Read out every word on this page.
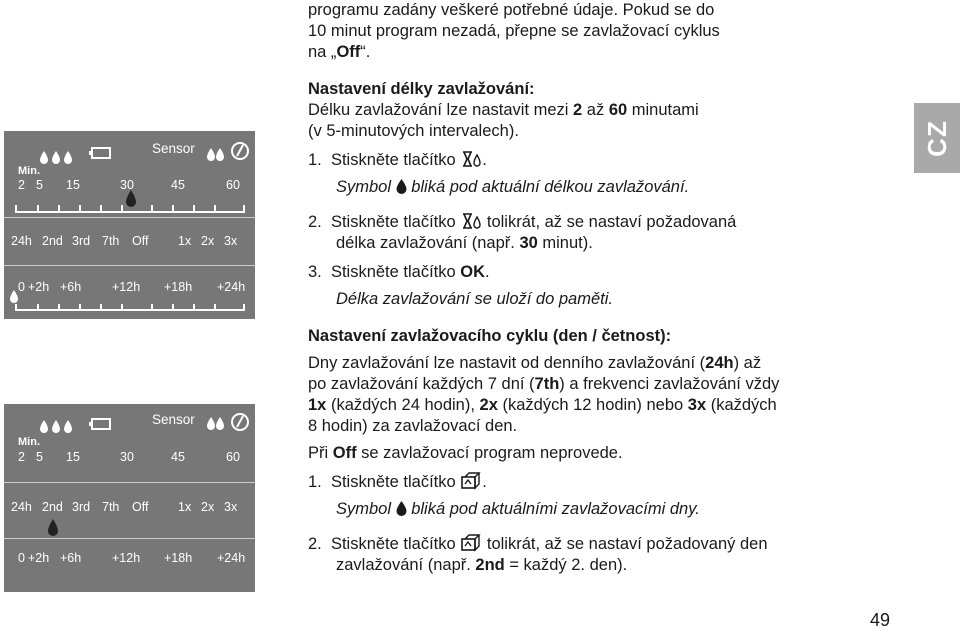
Sensor
Min.
2 5 15	30	45	60
24h 2nd 3rd 7th Off 1x 2x 3x
0 +2h +6h +12h +18h +24h
Sensor
Min.
2 5 15	30	45	60
24h 2nd 3rd 7th Off 1x 2x 3x
0 +2h +6h +12h +18h +24h

programu zadány veškeré potřebné údaje. Pokud se do
10 minut program nezadá, přepne se zavlažovací cyklus
na „Off“.

Nastavení délky zavlažování:

Délku zavlažování lze nastavit mezi 2 až 60 minutami
(v 5-minutových intervalech).

1. Stiskněte tlačítko .

Symbol bliká pod aktuální délkou zavlažování.

2. Stiskněte tlačítko tolikrát, až se nastaví požadovaná
délka zavlažování (např. 30 minut).

3. Stiskněte tlačítko OK.

Délka zavlažování se uloží do paměti.

Nastavení zavlažovacího cyklu (den / četnost):

Dny zavlažování lze nastavit od denního zavlažování (24h) až
po zavlažování každých 7 dní (7th) a frekvenci zavlažování vždy
1x (každých 24 hodin), 2x (každých 12 hodin) nebo 3x (každých
8 hodin) za zavlažovací den.

Při Off se zavlažovací program neprovede.

1. Stiskněte tlačítko .

Symbol bliká pod aktuálními zavlažovacími dny.

2. Stiskněte tlačítko tolikrát, až se nastaví požadovaný den
zavlažování (např. 2nd = každý 2. den).

CZ
49
